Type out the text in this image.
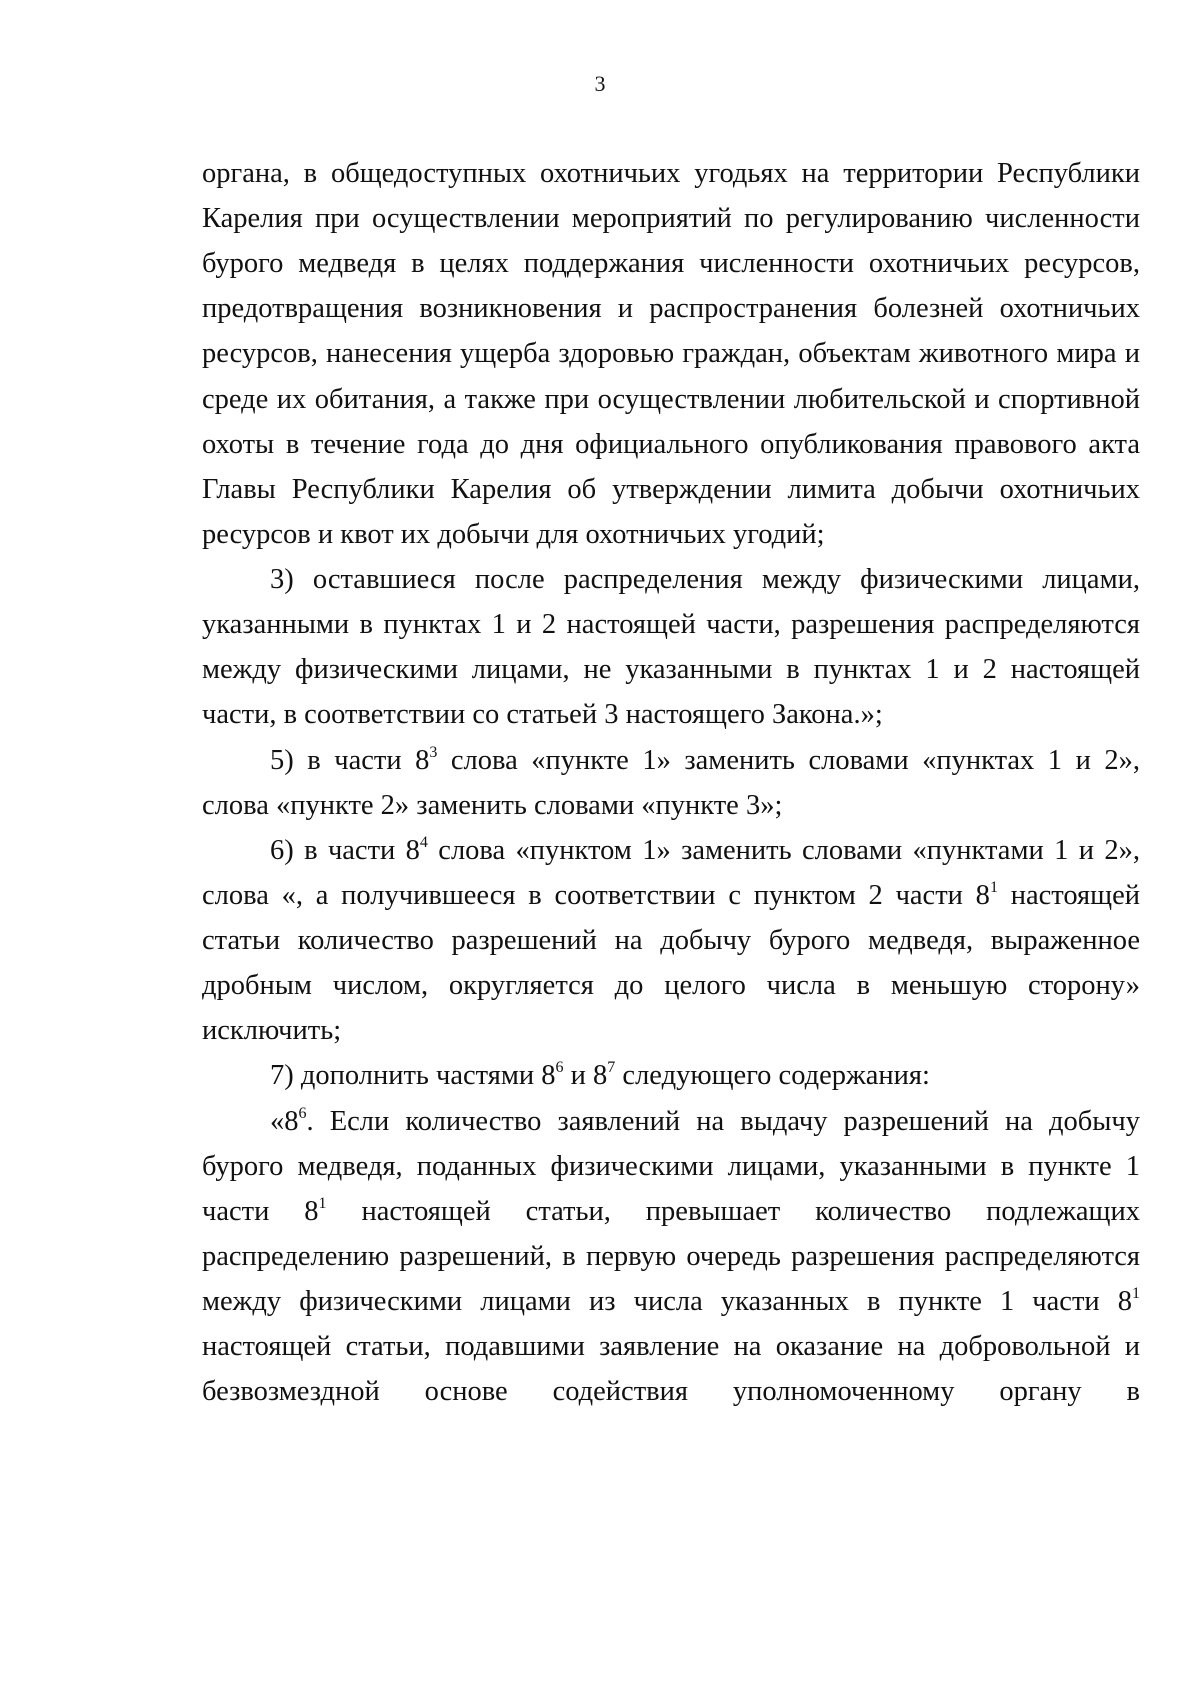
3
органа, в общедоступных охотничьих угодьях на территории Республики
Карелия при осуществлении мероприятий по регулированию численности
бурого медведя в целях поддержания численности охотничьих ресурсов,
предотвращения возникновения и распространения болезней охотничьих
ресурсов, нанесения ущерба здоровью граждан, объектам животного мира и
среде их обитания, а также при осуществлении любительской и спортивной
охоты в течение года до дня официального опубликования правового акта
Главы Республики Карелия об утверждении лимита добычи охотничьих
ресурсов и квот их добычи для охотничьих угодий;
3) оставшиеся после распределения между физическими лицами,
указанными в пунктах 1 и 2 настоящей части, разрешения распределяются
между физическими лицами, не указанными в пунктах 1 и 2 настоящей
части, в соответствии со статьей 3 настоящего Закона.»;
5) в части $8^3$ слова «пункте 1» заменить словами «пунктах 1 и 2»,
слова «пункте 2» заменить словами «пункте 3»;
6) в части $8^4$ слова «пунктом 1» заменить словами «пунктами 1 и 2»,
слова «, а получившееся в соответствии с пунктом 2 части $8^1$ настоящей
статьи количество разрешений на добычу бурого медведя, выраженное
дробным числом, округляется до целого числа в меньшую сторону»
исключить;
7) дополнить частями $8^6$ и $8^7$ следующего содержания:
«$8^6$. Если количество заявлений на выдачу разрешений на добычу
бурого медведя, поданных физическими лицами, указанными в пункте 1
части $8^1$ настоящей статьи, превышает количество подлежащих
распределению разрешений, в первую очередь разрешения распределяются
между физическими лицами из числа указанных в пункте 1 части $8^1$
настоящей статьи, подавшими заявление на оказание на добровольной и
безвозмездной основе содействия уполномоченному органу в
